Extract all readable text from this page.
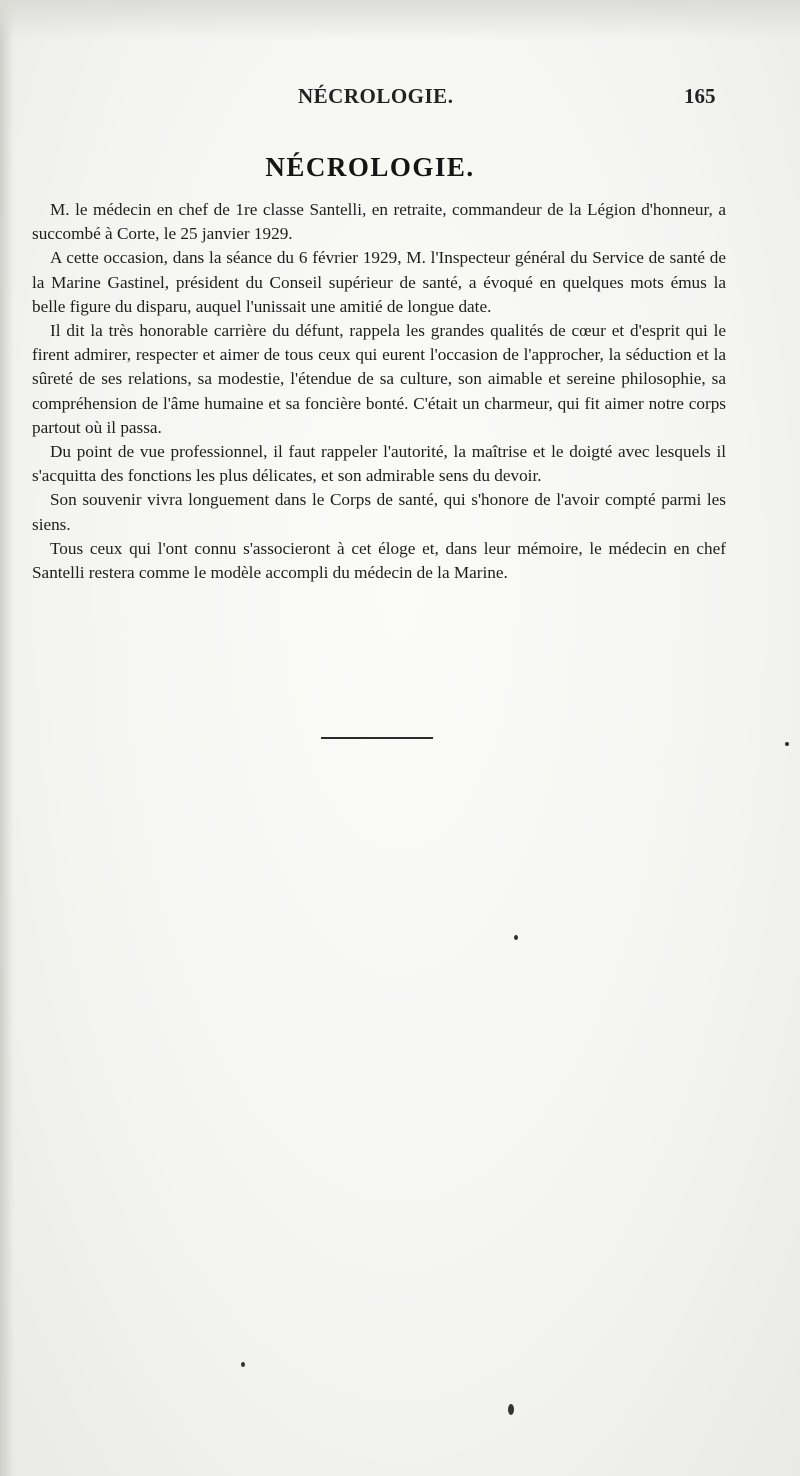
NÉCROLOGIE.	165
NÉCROLOGIE.

M. le médecin en chef de 1re classe Santelli, en retraite, commandeur de la Légion d'honneur, a succombé à Corte, le 25 janvier 1929.

A cette occasion, dans la séance du 6 février 1929, M. l'Inspecteur général du Service de santé de la Marine Gastinel, président du Conseil supérieur de santé, a évoqué en quelques mots émus la belle figure du disparu, auquel l'unissait une amitié de longue date.

Il dit la très honorable carrière du défunt, rappela les grandes qualités de cœur et d'esprit qui le firent admirer, respecter et aimer de tous ceux qui eurent l'occasion de l'approcher, la séduction et la sûreté de ses relations, sa modestie, l'étendue de sa culture, son aimable et sereine philosophie, sa compréhension de l'âme humaine et sa foncière bonté. C'était un charmeur, qui fit aimer notre corps partout où il passa.

Du point de vue professionnel, il faut rappeler l'autorité, la maîtrise et le doigté avec lesquels il s'acquitta des fonctions les plus délicates, et son admirable sens du devoir.

Son souvenir vivra longuement dans le Corps de santé, qui s'honore de l'avoir compté parmi les siens.

Tous ceux qui l'ont connu s'associeront à cet éloge et, dans leur mémoire, le médecin en chef Santelli restera comme le modèle accompli du médecin de la Marine.
